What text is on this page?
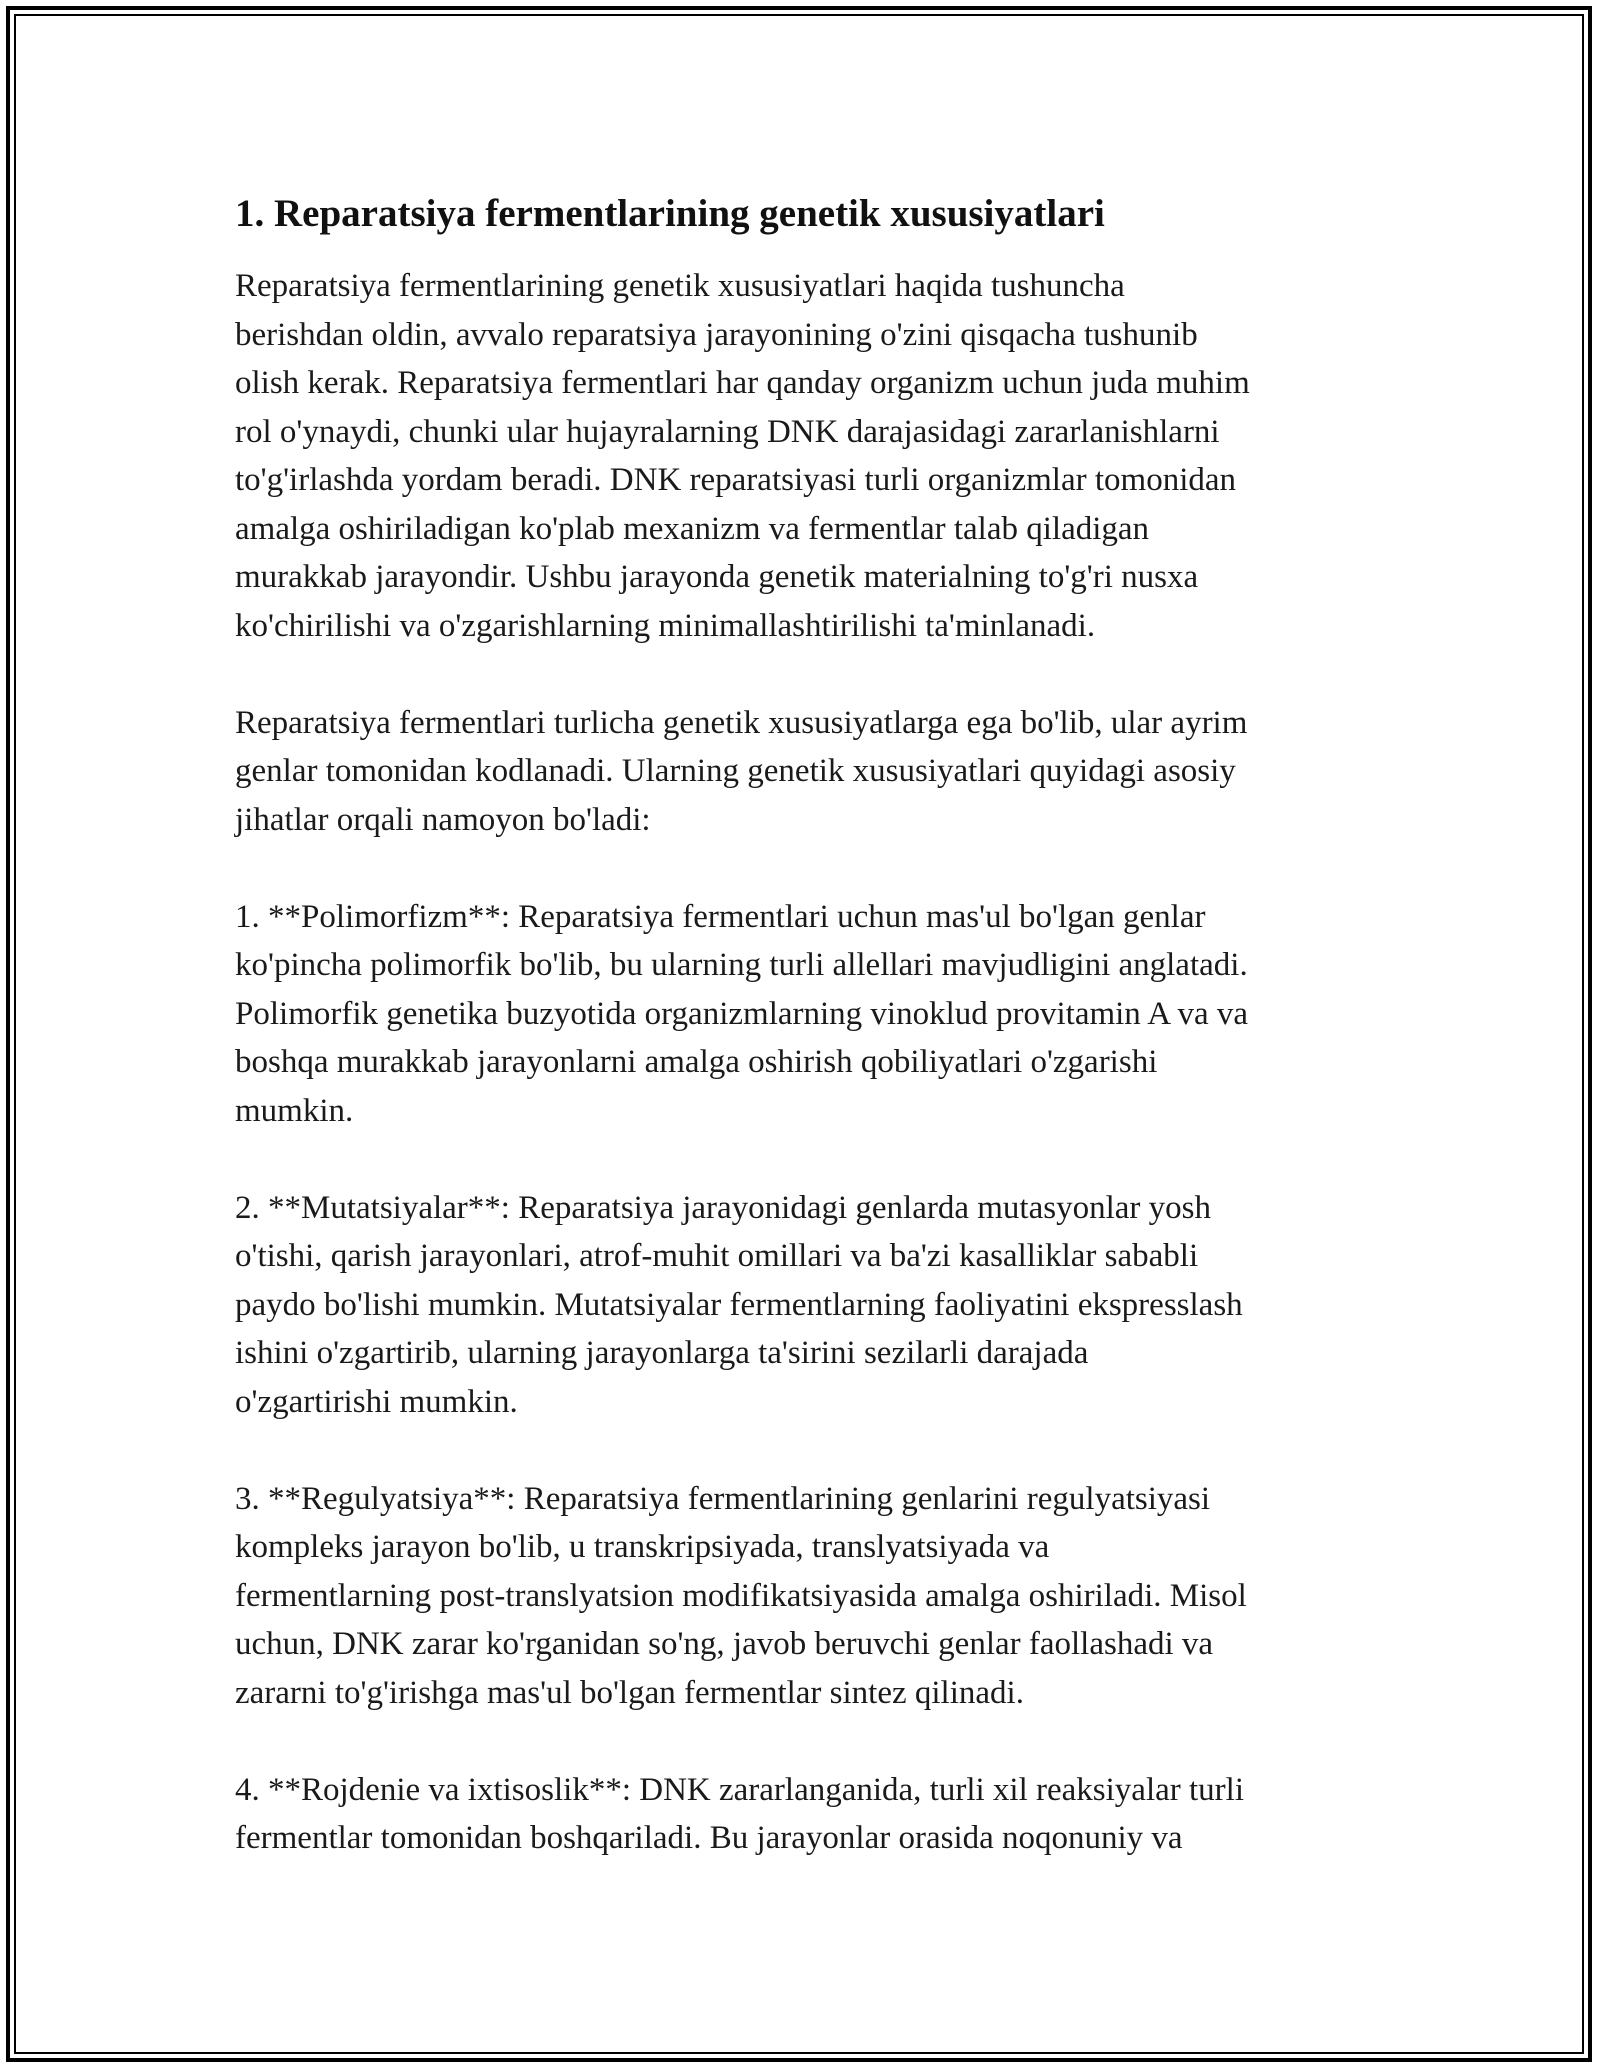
1. Reparatsiya fermentlarining genetik xususiyatlari
Reparatsiya fermentlarining genetik xususiyatlari haqida tushuncha
berishdan oldin, avvalo reparatsiya jarayonining o'zini qisqacha tushunib
olish kerak. Reparatsiya fermentlari har qanday organizm uchun juda muhim
rol o'ynaydi, chunki ular hujayralarning DNK darajasidagi zararlanishlarni
to'g'irlashda yordam beradi. DNK reparatsiyasi turli organizmlar tomonidan
amalga oshiriladigan ko'plab mexanizm va fermentlar talab qiladigan
murakkab jarayondir. Ushbu jarayonda genetik materialning to'g'ri nusxa
ko'chirilishi va o'zgarishlarning minimallashtirilishi ta'minlanadi.
Reparatsiya fermentlari turlicha genetik xususiyatlarga ega bo'lib, ular ayrim
genlar tomonidan kodlanadi. Ularning genetik xususiyatlari quyidagi asosiy
jihatlar orqali namoyon bo'ladi:
1. **Polimorfizm**: Reparatsiya fermentlari uchun mas'ul bo'lgan genlar
ko'pincha polimorfik bo'lib, bu ularning turli allellari mavjudligini anglatadi.
Polimorfik genetika buzyotida organizmlarning vinoklud provitamin A va va
boshqa murakkab jarayonlarni amalga oshirish qobiliyatlari o'zgarishi
mumkin.
2. **Mutatsiyalar**: Reparatsiya jarayonidagi genlarda mutasyonlar yosh
o'tishi, qarish jarayonlari, atrof-muhit omillari va ba'zi kasalliklar sababli
paydo bo'lishi mumkin. Mutatsiyalar fermentlarning faoliyatini ekspresslash
ishini o'zgartirib, ularning jarayonlarga ta'sirini sezilarli darajada
o'zgartirishi mumkin.
3. **Regulyatsiya**: Reparatsiya fermentlarining genlarini regulyatsiyasi
kompleks jarayon bo'lib, u transkripsiyada, translyatsiyada va
fermentlarning post-translyatsion modifikatsiyasida amalga oshiriladi. Misol
uchun, DNK zarar ko'rganidan so'ng, javob beruvchi genlar faollashadi va
zararni to'g'irishga mas'ul bo'lgan fermentlar sintez qilinadi.
4. **Rojdenie va ixtisoslik**: DNK zararlanganida, turli xil reaksiyalar turli
fermentlar tomonidan boshqariladi. Bu jarayonlar orasida noqonuniy va
